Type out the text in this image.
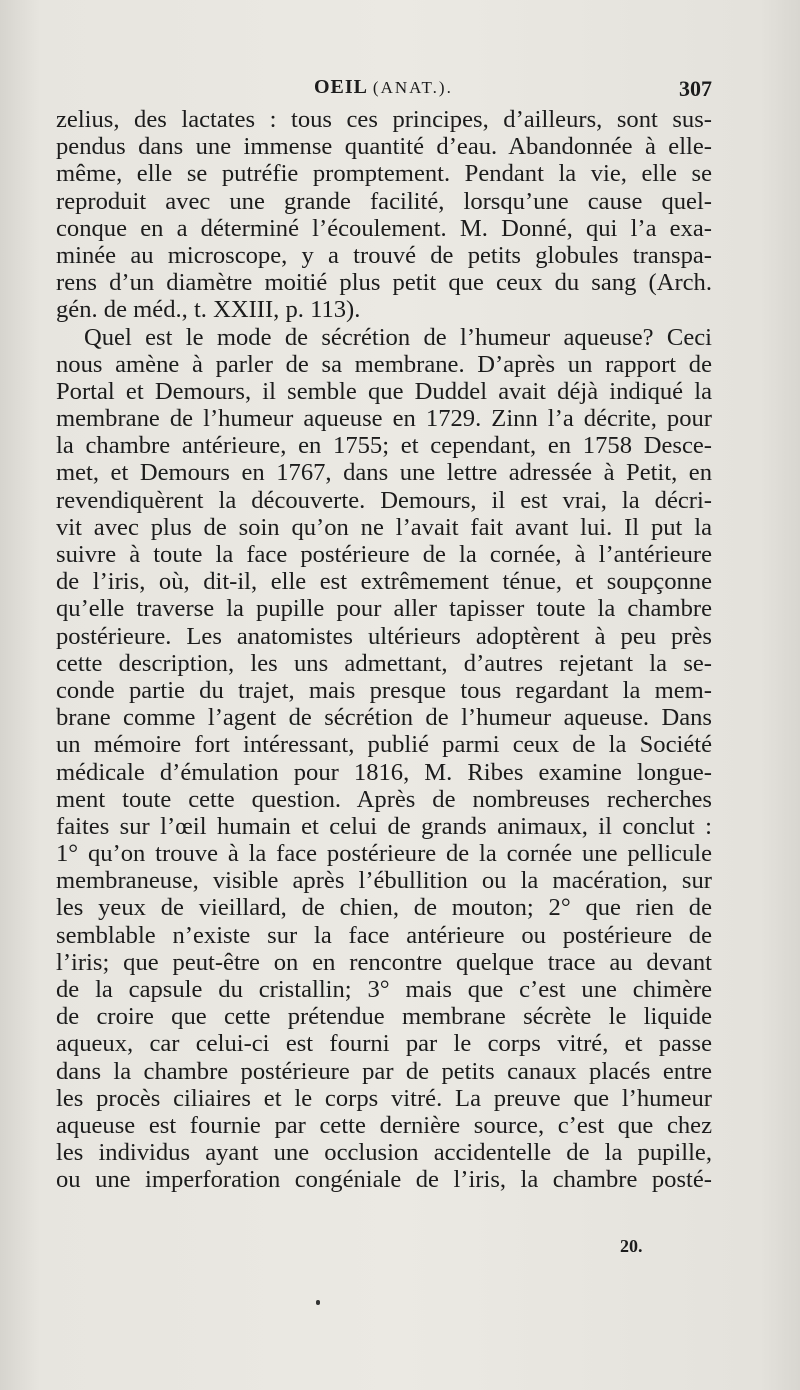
OEIL (ANAT.).	307
zelius, des lactates : tous ces principes, d’ailleurs, sont sus-
pendus dans une immense quantité d’eau. Abandonnée à elle-
même, elle se putréfie promptement. Pendant la vie, elle se
reproduit avec une grande facilité, lorsqu’une cause quel-
conque en a déterminé l’écoulement. M. Donné, qui l’a exa-
minée au microscope, y a trouvé de petits globules transpa-
rens d’un diamètre moitié plus petit que ceux du sang (Arch.
gén. de méd., t. XXIII, p. 113).
Quel est le mode de sécrétion de l’humeur aqueuse? Ceci
nous amène à parler de sa membrane. D’après un rapport de
Portal et Demours, il semble que Duddel avait déjà indiqué la
membrane de l’humeur aqueuse en 1729. Zinn l’a décrite, pour
la chambre antérieure, en 1755; et cependant, en 1758 Desce-
met, et Demours en 1767, dans une lettre adressée à Petit, en
revendiquèrent la découverte. Demours, il est vrai, la décri-
vit avec plus de soin qu’on ne l’avait fait avant lui. Il put la
suivre à toute la face postérieure de la cornée, à l’antérieure
de l’iris, où, dit-il, elle est extrêmement ténue, et soupçonne
qu’elle traverse la pupille pour aller tapisser toute la chambre
postérieure. Les anatomistes ultérieurs adoptèrent à peu près
cette description, les uns admettant, d’autres rejetant la se-
conde partie du trajet, mais presque tous regardant la mem-
brane comme l’agent de sécrétion de l’humeur aqueuse. Dans
un mémoire fort intéressant, publié parmi ceux de la Société
médicale d’émulation pour 1816, M. Ribes examine longue-
ment toute cette question. Après de nombreuses recherches
faites sur l’œil humain et celui de grands animaux, il conclut :
1° qu’on trouve à la face postérieure de la cornée une pellicule
membraneuse, visible après l’ébullition ou la macération, sur
les yeux de vieillard, de chien, de mouton; 2° que rien de
semblable n’existe sur la face antérieure ou postérieure de
l’iris; que peut-être on en rencontre quelque trace au devant
de la capsule du cristallin; 3° mais que c’est une chimère
de croire que cette prétendue membrane sécrète le liquide
aqueux, car celui-ci est fourni par le corps vitré, et passe
dans la chambre postérieure par de petits canaux placés entre
les procès ciliaires et le corps vitré. La preuve que l’humeur
aqueuse est fournie par cette dernière source, c’est que chez
les individus ayant une occlusion accidentelle de la pupille,
ou une imperforation congéniale de l’iris, la chambre posté-
20.
